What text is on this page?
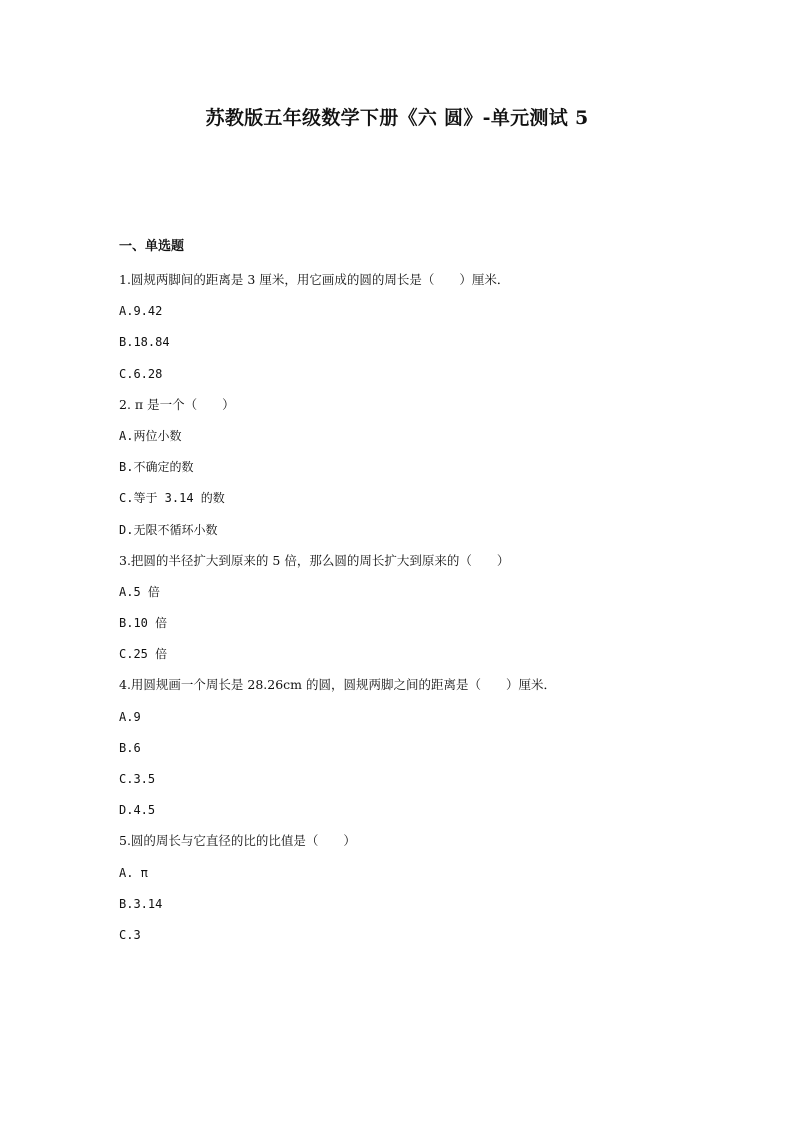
苏教版五年级数学下册《六 圆》-单元测试 5
一、单选题
1.圆规两脚间的距离是 3 厘米，用它画成的圆的周长是（　　）厘米．
A.9.42
B.18.84
C.6.28
2. π 是一个（　　）
A.两位小数
B.不确定的数
C.等于 3.14 的数
D.无限不循环小数
3.把圆的半径扩大到原来的 5 倍，那么圆的周长扩大到原来的（　　）
A.5 倍
B.10 倍
C.25 倍
4.用圆规画一个周长是 28.26cm 的圆，圆规两脚之间的距离是（　　）厘米．
A.9
B.6
C.3.5
D.4.5
5.圆的周长与它直径的比的比值是（　　）
A. π
B.3.14
C.3
